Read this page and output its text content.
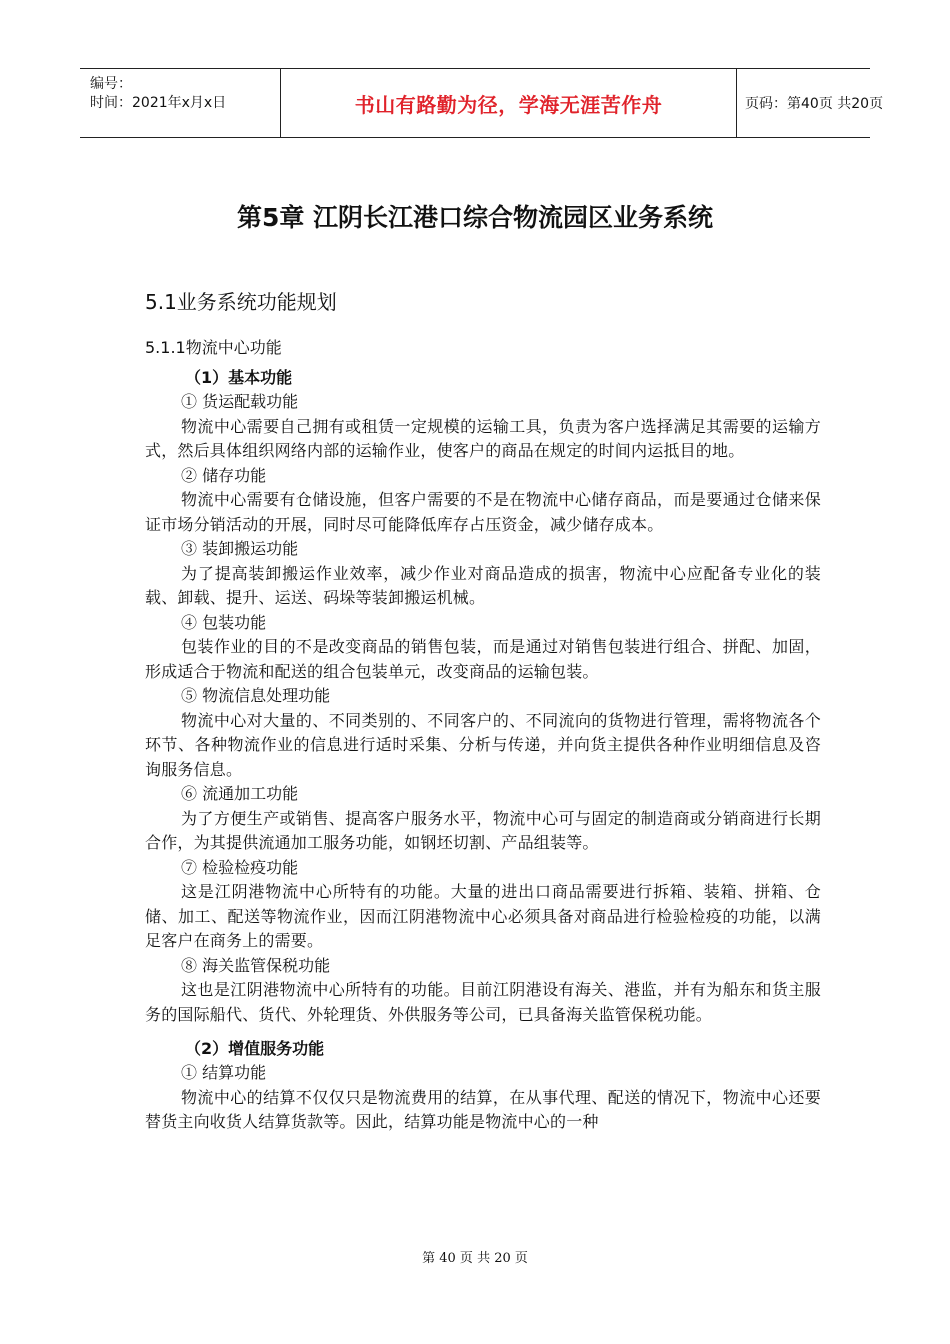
编号：
时间：2021年x月x日	书山有路勤为径，学海无涯苦作舟	页码：第40页 共20页
第5章 江阴长江港口综合物流园区业务系统
5.1业务系统功能规划
5.1.1物流中心功能
（1）基本功能
① 货运配载功能
物流中心需要自己拥有或租赁一定规模的运输工具，负责为客户选择满足其需要的运输方式，然后具体组织网络内部的运输作业，使客户的商品在规定的时间内运抵目的地。
② 储存功能
物流中心需要有仓储设施，但客户需要的不是在物流中心储存商品，而是要通过仓储来保证市场分销活动的开展，同时尽可能降低库存占压资金，减少储存成本。
③ 装卸搬运功能
为了提高装卸搬运作业效率，减少作业对商品造成的损害，物流中心应配备专业化的装载、卸载、提升、运送、码垛等装卸搬运机械。
④ 包装功能
包装作业的目的不是改变商品的销售包装，而是通过对销售包装进行组合、拼配、加固，形成适合于物流和配送的组合包装单元，改变商品的运输包装。
⑤ 物流信息处理功能
物流中心对大量的、不同类别的、不同客户的、不同流向的货物进行管理，需将物流各个环节、各种物流作业的信息进行适时采集、分析与传递，并向货主提供各种作业明细信息及咨询服务信息。
⑥ 流通加工功能
为了方便生产或销售、提高客户服务水平，物流中心可与固定的制造商或分销商进行长期合作，为其提供流通加工服务功能，如钢坯切割、产品组装等。
⑦ 检验检疫功能
这是江阴港物流中心所特有的功能。大量的进出口商品需要进行拆箱、装箱、拼箱、仓储、加工、配送等物流作业，因而江阴港物流中心必须具备对商品进行检验检疫的功能，以满足客户在商务上的需要。
⑧ 海关监管保税功能
这也是江阴港物流中心所特有的功能。目前江阴港设有海关、港监，并有为船东和货主服务的国际船代、货代、外轮理货、外供服务等公司，已具备海关监管保税功能。
（2）增值服务功能
① 结算功能
物流中心的结算不仅仅只是物流费用的结算，在从事代理、配送的情况下，物流中心还要替货主向收货人结算货款等。因此，结算功能是物流中心的一种
第 40 页 共 20 页
